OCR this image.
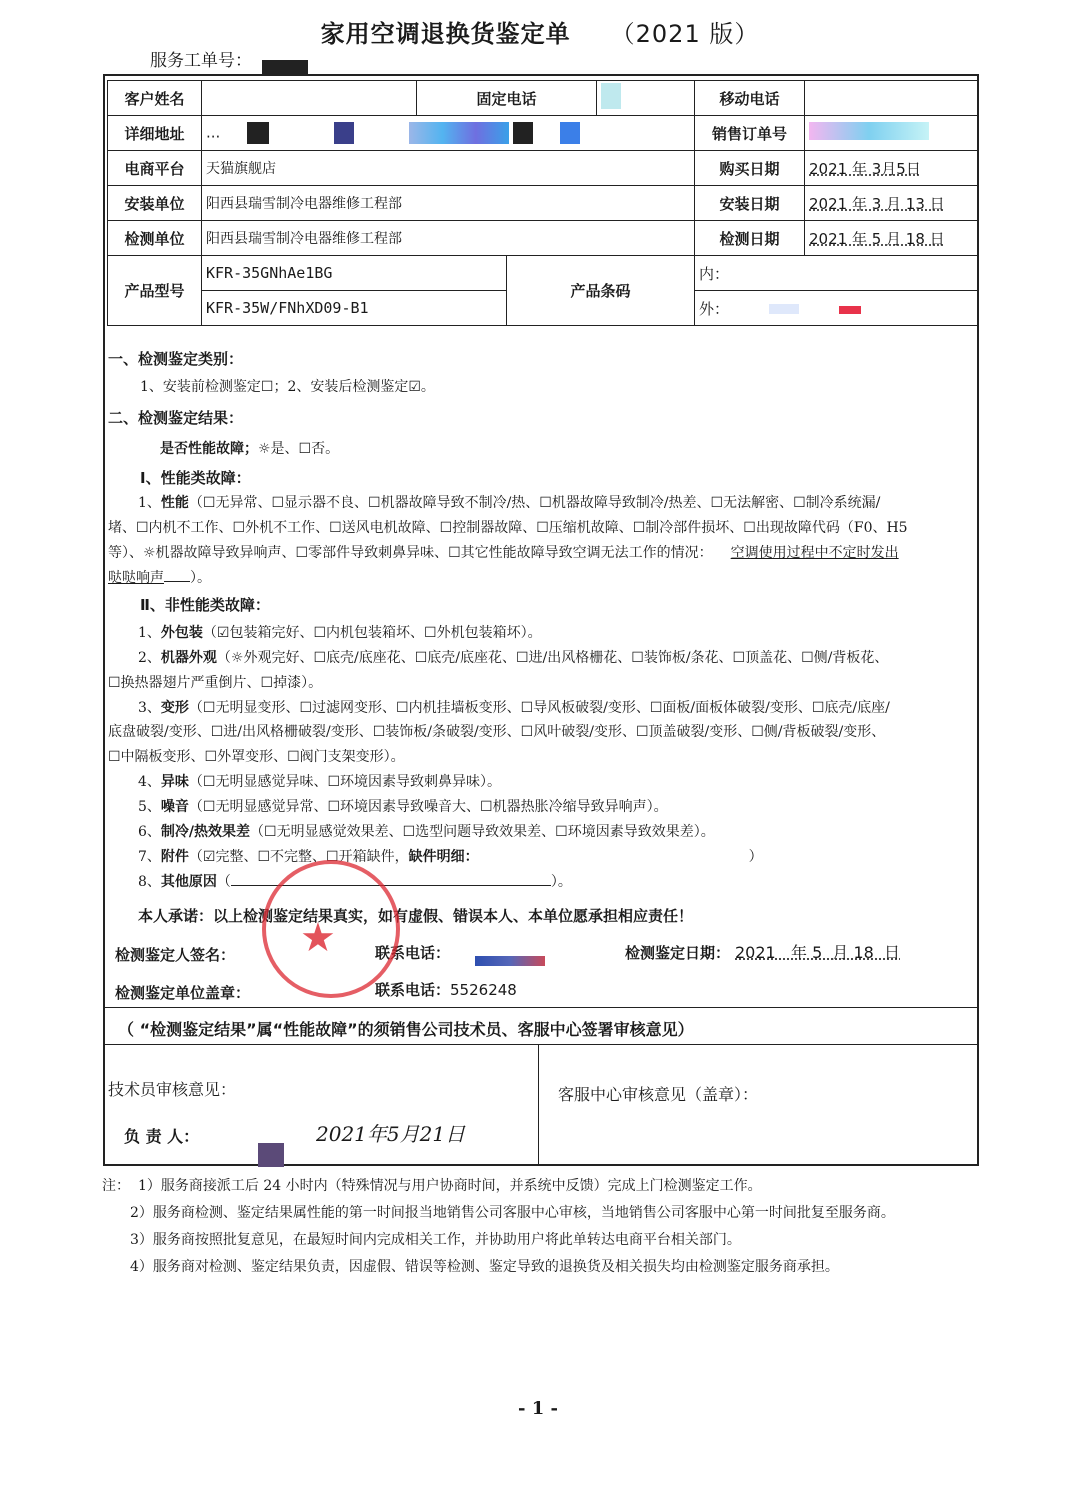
家用空调退换货鉴定单 （2021 版）
服务工单号：
客户姓名		固定电话			移动电话	
详细地址	...				销售订单号	
电商平台	天猫旗舰店				购买日期	2021 年 3月5日
安装单位	阳西县瑞雪制冷电器维修工程部				安装日期	2021 年 3 月 13 日
检测单位	阳西县瑞雪制冷电器维修工程部				检测日期	2021 年 5 月 18 日
产品型号	KFR-35GNhAe1BG		产品条码		内：	
	KFR-35W/FNhXD09-B1				外：	
一、检测鉴定类别：
1、安装前检测鉴定☐；2、安装后检测鉴定☑。
二、检测鉴定结果：
是否性能故障；☼是、☐否。
Ⅰ、性能类故障：
1、性能（☐无异常、☐显示器不良、☐机器故障导致不制冷/热、☐机器故障导致制冷/热差、☐无法解密、☐制冷系统漏/
堵、☐内机不工作、☐外机不工作、☐送风电机故障、☐控制器故障、☐压缩机故障、☐制冷部件损坏、☐出现故障代码（F0、H5
等）、☼机器故障导致异响声、☐零部件导致刺鼻异味、☐其它性能故障导致空调无法工作的情况： 空调使用过程中不定时发出
哒哒响声 ）。
Ⅱ、非性能类故障：
1、外包装（☑包装箱完好、☐内机包装箱坏、☐外机包装箱坏）。
2、机器外观（☼外观完好、☐底壳/底座花、☐底壳/底座花、☐进/出风格栅花、☐装饰板/条花、☐顶盖花、☐侧/背板花、
☐换热器翅片严重倒片、☐掉漆）。
3、变形（☐无明显变形、☐过滤网变形、☐内机挂墙板变形、☐导风板破裂/变形、☐面板/面板体破裂/变形、☐底壳/底座/
底盘破裂/变形、☐进/出风格栅破裂/变形、☐装饰板/条破裂/变形、☐风叶破裂/变形、☐顶盖破裂/变形、☐侧/背板破裂/变形、
☐中隔板变形、☐外罩变形、☐阀门支架变形）。
4、异味（☐无明显感觉异味、☐环境因素导致刺鼻异味）。
5、噪音（☐无明显感觉异常、☐环境因素导致噪音大、☐机器热胀冷缩导致异响声）。
6、制冷/热效果差（☐无明显感觉效果差、☐选型问题导致效果差、☐环境因素导致效果差）。
7、附件（☑完整、☐不完整、☐开箱缺件，缺件明细：	）
8、其他原因（	）。
本人承诺：以上检测鉴定结果真实，如有虚假、错误本人、本单位愿承担相应责任！
检测鉴定人签名：	联系电话：	检测鉴定日期： 2021   年 5  月 18  日
检测鉴定单位盖章：	联系电话：5526248
★
（ “检测鉴定结果”属“性能故障”的须销售公司技术员、客服中心签署审核意见）
技术员审核意见：
负 责 人：	2021年5月21日
客服中心审核意见（盖章）：
注： 1）服务商接派工后 24 小时内（特殊情况与用户协商时间，并系统中反馈）完成上门检测鉴定工作。
2）服务商检测、鉴定结果属性能的第一时间报当地销售公司客服中心审核，当地销售公司客服中心第一时间批复至服务商。
3）服务商按照批复意见，在最短时间内完成相关工作，并协助用户将此单转达电商平台相关部门。
4）服务商对检测、鉴定结果负责，因虚假、错误等检测、鉴定导致的退换货及相关损失均由检测鉴定服务商承担。
- 1 -
